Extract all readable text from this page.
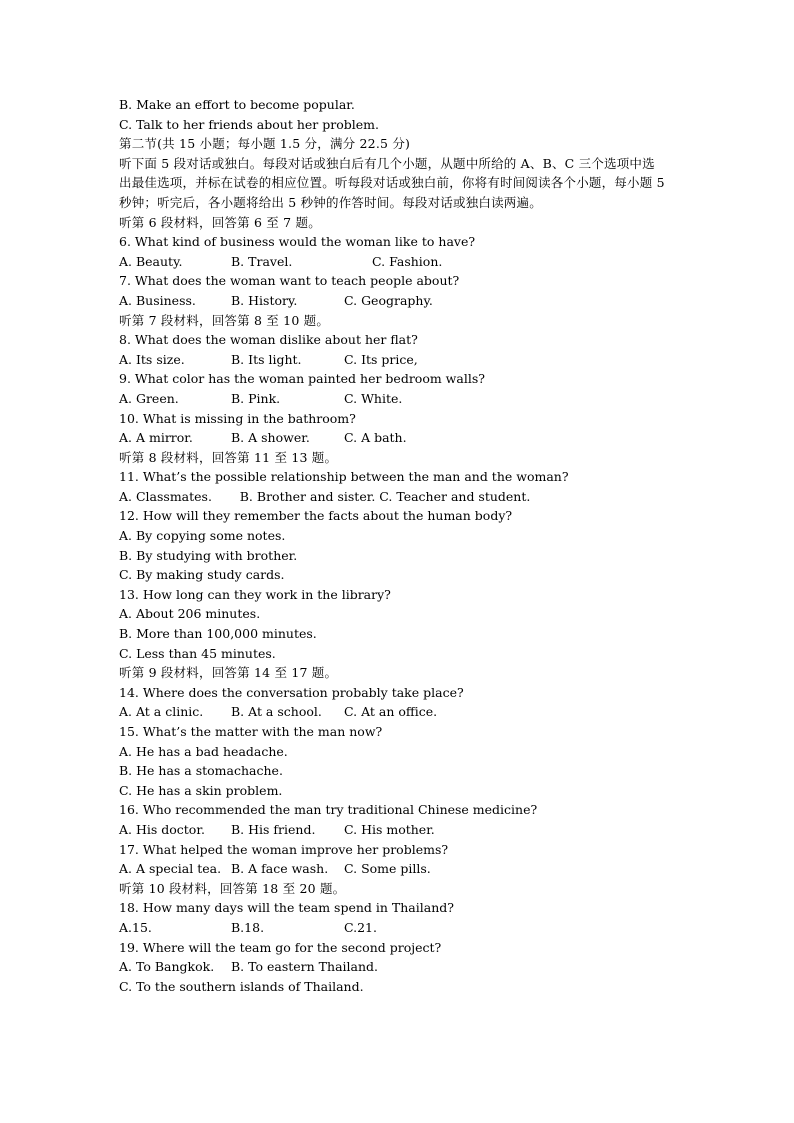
B. Make an effort to become popular.
C. Talk to her friends about her problem.
第二节(共 15 小题；每小题 1.5 分，满分 22.5 分)
听下面 5 段对话或独白。每段对话或独白后有几个小题，从题中所给的 A、B、C 三个选项中选出最佳选项，并标在试卷的相应位置。听每段对话或独白前，你将有时间阅读各个小题，每小题 5 秒钟；听完后，各小题将给出 5 秒钟的作答时间。每段对话或独白读两遍。
听第 6 段材料，回答第 6 至 7 题。
6. What kind of business would the woman like to have?
A. Beauty.	B. Travel.	C. Fashion.
7. What does the woman want to teach people about?
A. Business.	B. History.	C. Geography.
听第 7 段材料，回答第 8 至 10 题。
8. What does the woman dislike about her flat?
A. Its size.	B. Its light.	C. Its price,
9. What color has the woman painted her bedroom walls?
A. Green.	B. Pink.	C. White.
10. What is missing in the bathroom?
A. A mirror.	B. A shower.	C. A bath.
听第 8 段材料，回答第 11 至 13 题。
11. What’s the possible relationship between the man and the woman?
A. Classmates.       B. Brother and sister. C. Teacher and student.
12. How will they remember the facts about the human body?
A. By copying some notes.
B. By studying with brother.
C. By making study cards.
13. How long can they work in the library?
A. About 206 minutes.
B. More than 100,000 minutes.
C. Less than 45 minutes.
听第 9 段材料，回答第 14 至 17 题。
14. Where does the conversation probably take place?
A. At a clinic.	B. At a school.	C. At an office.
15. What’s the matter with the man now?
A. He has a bad headache.
B. He has a stomachache.
C. He has a skin problem.
16. Who recommended the man try traditional Chinese medicine?
A. His doctor.	B. His friend.	C. His mother.
17. What helped the woman improve her problems?
A. A special tea. B. A face wash.	C. Some pills.
听第 10 段材料，回答第 18 至 20 题。
18. How many days will the team spend in Thailand?
A.15.	B.18.	C.21.
19. Where will the team go for the second project?
A. To Bangkok.	B. To eastern Thailand.
C. To the southern islands of Thailand.
